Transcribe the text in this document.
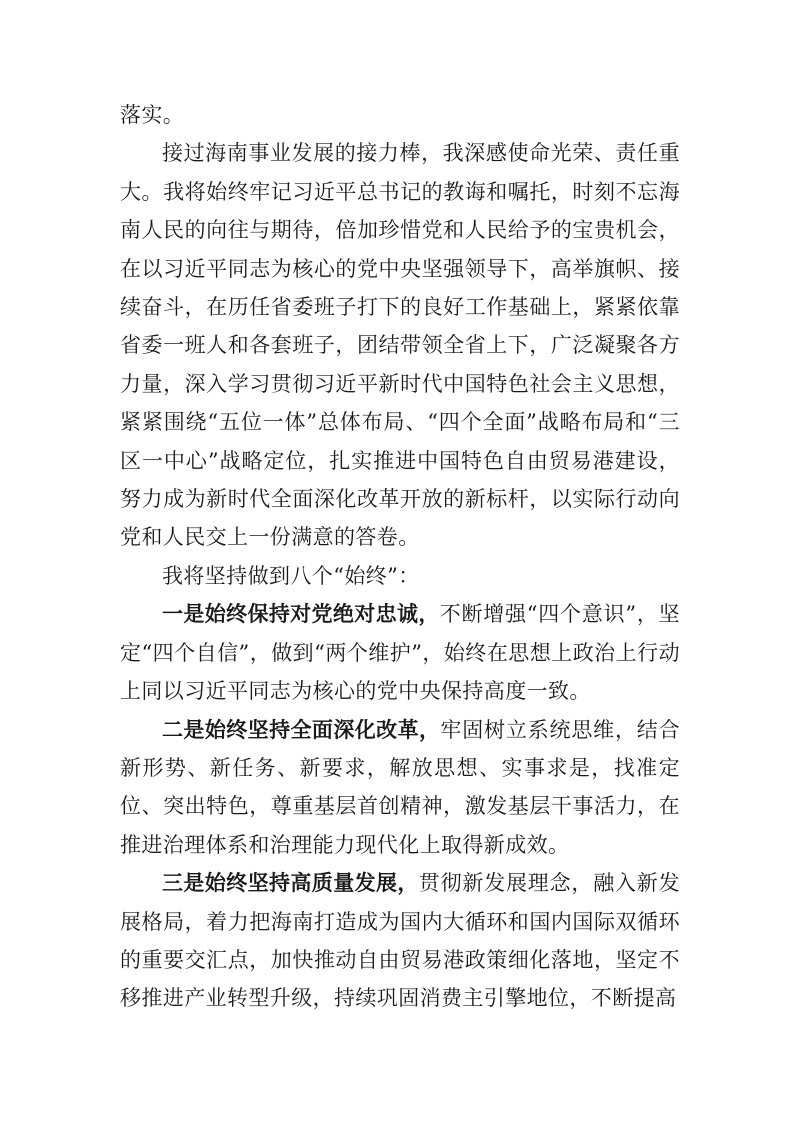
落实。

接过海南事业发展的接力棒，我深感使命光荣、责任重大。我将始终牢记习近平总书记的教诲和嘱托，时刻不忘海南人民的向往与期待，倍加珍惜党和人民给予的宝贵机会，在以习近平同志为核心的党中央坚强领导下，高举旗帜、接续奋斗，在历任省委班子打下的良好工作基础上，紧紧依靠省委一班人和各套班子，团结带领全省上下，广泛凝聚各方力量，深入学习贯彻习近平新时代中国特色社会主义思想，紧紧围绕“五位一体”总体布局、“四个全面”战略布局和“三区一中心”战略定位，扎实推进中国特色自由贸易港建设，努力成为新时代全面深化改革开放的新标杆，以实际行动向党和人民交上一份满意的答卷。

我将坚持做到八个“始终”：

一是始终保持对党绝对忠诚，不断增强“四个意识”，坚定“四个自信”，做到“两个维护”，始终在思想上政治上行动上同以习近平同志为核心的党中央保持高度一致。

二是始终坚持全面深化改革，牢固树立系统思维，结合新形势、新任务、新要求，解放思想、实事求是，找准定位、突出特色，尊重基层首创精神，激发基层干事活力，在推进治理体系和治理能力现代化上取得新成效。

三是始终坚持高质量发展，贯彻新发展理念，融入新发展格局，着力把海南打造成为国内大循环和国内国际双循环的重要交汇点，加快推动自由贸易港政策细化落地，坚定不移推进产业转型升级，持续巩固消费主引擎地位，不断提高
